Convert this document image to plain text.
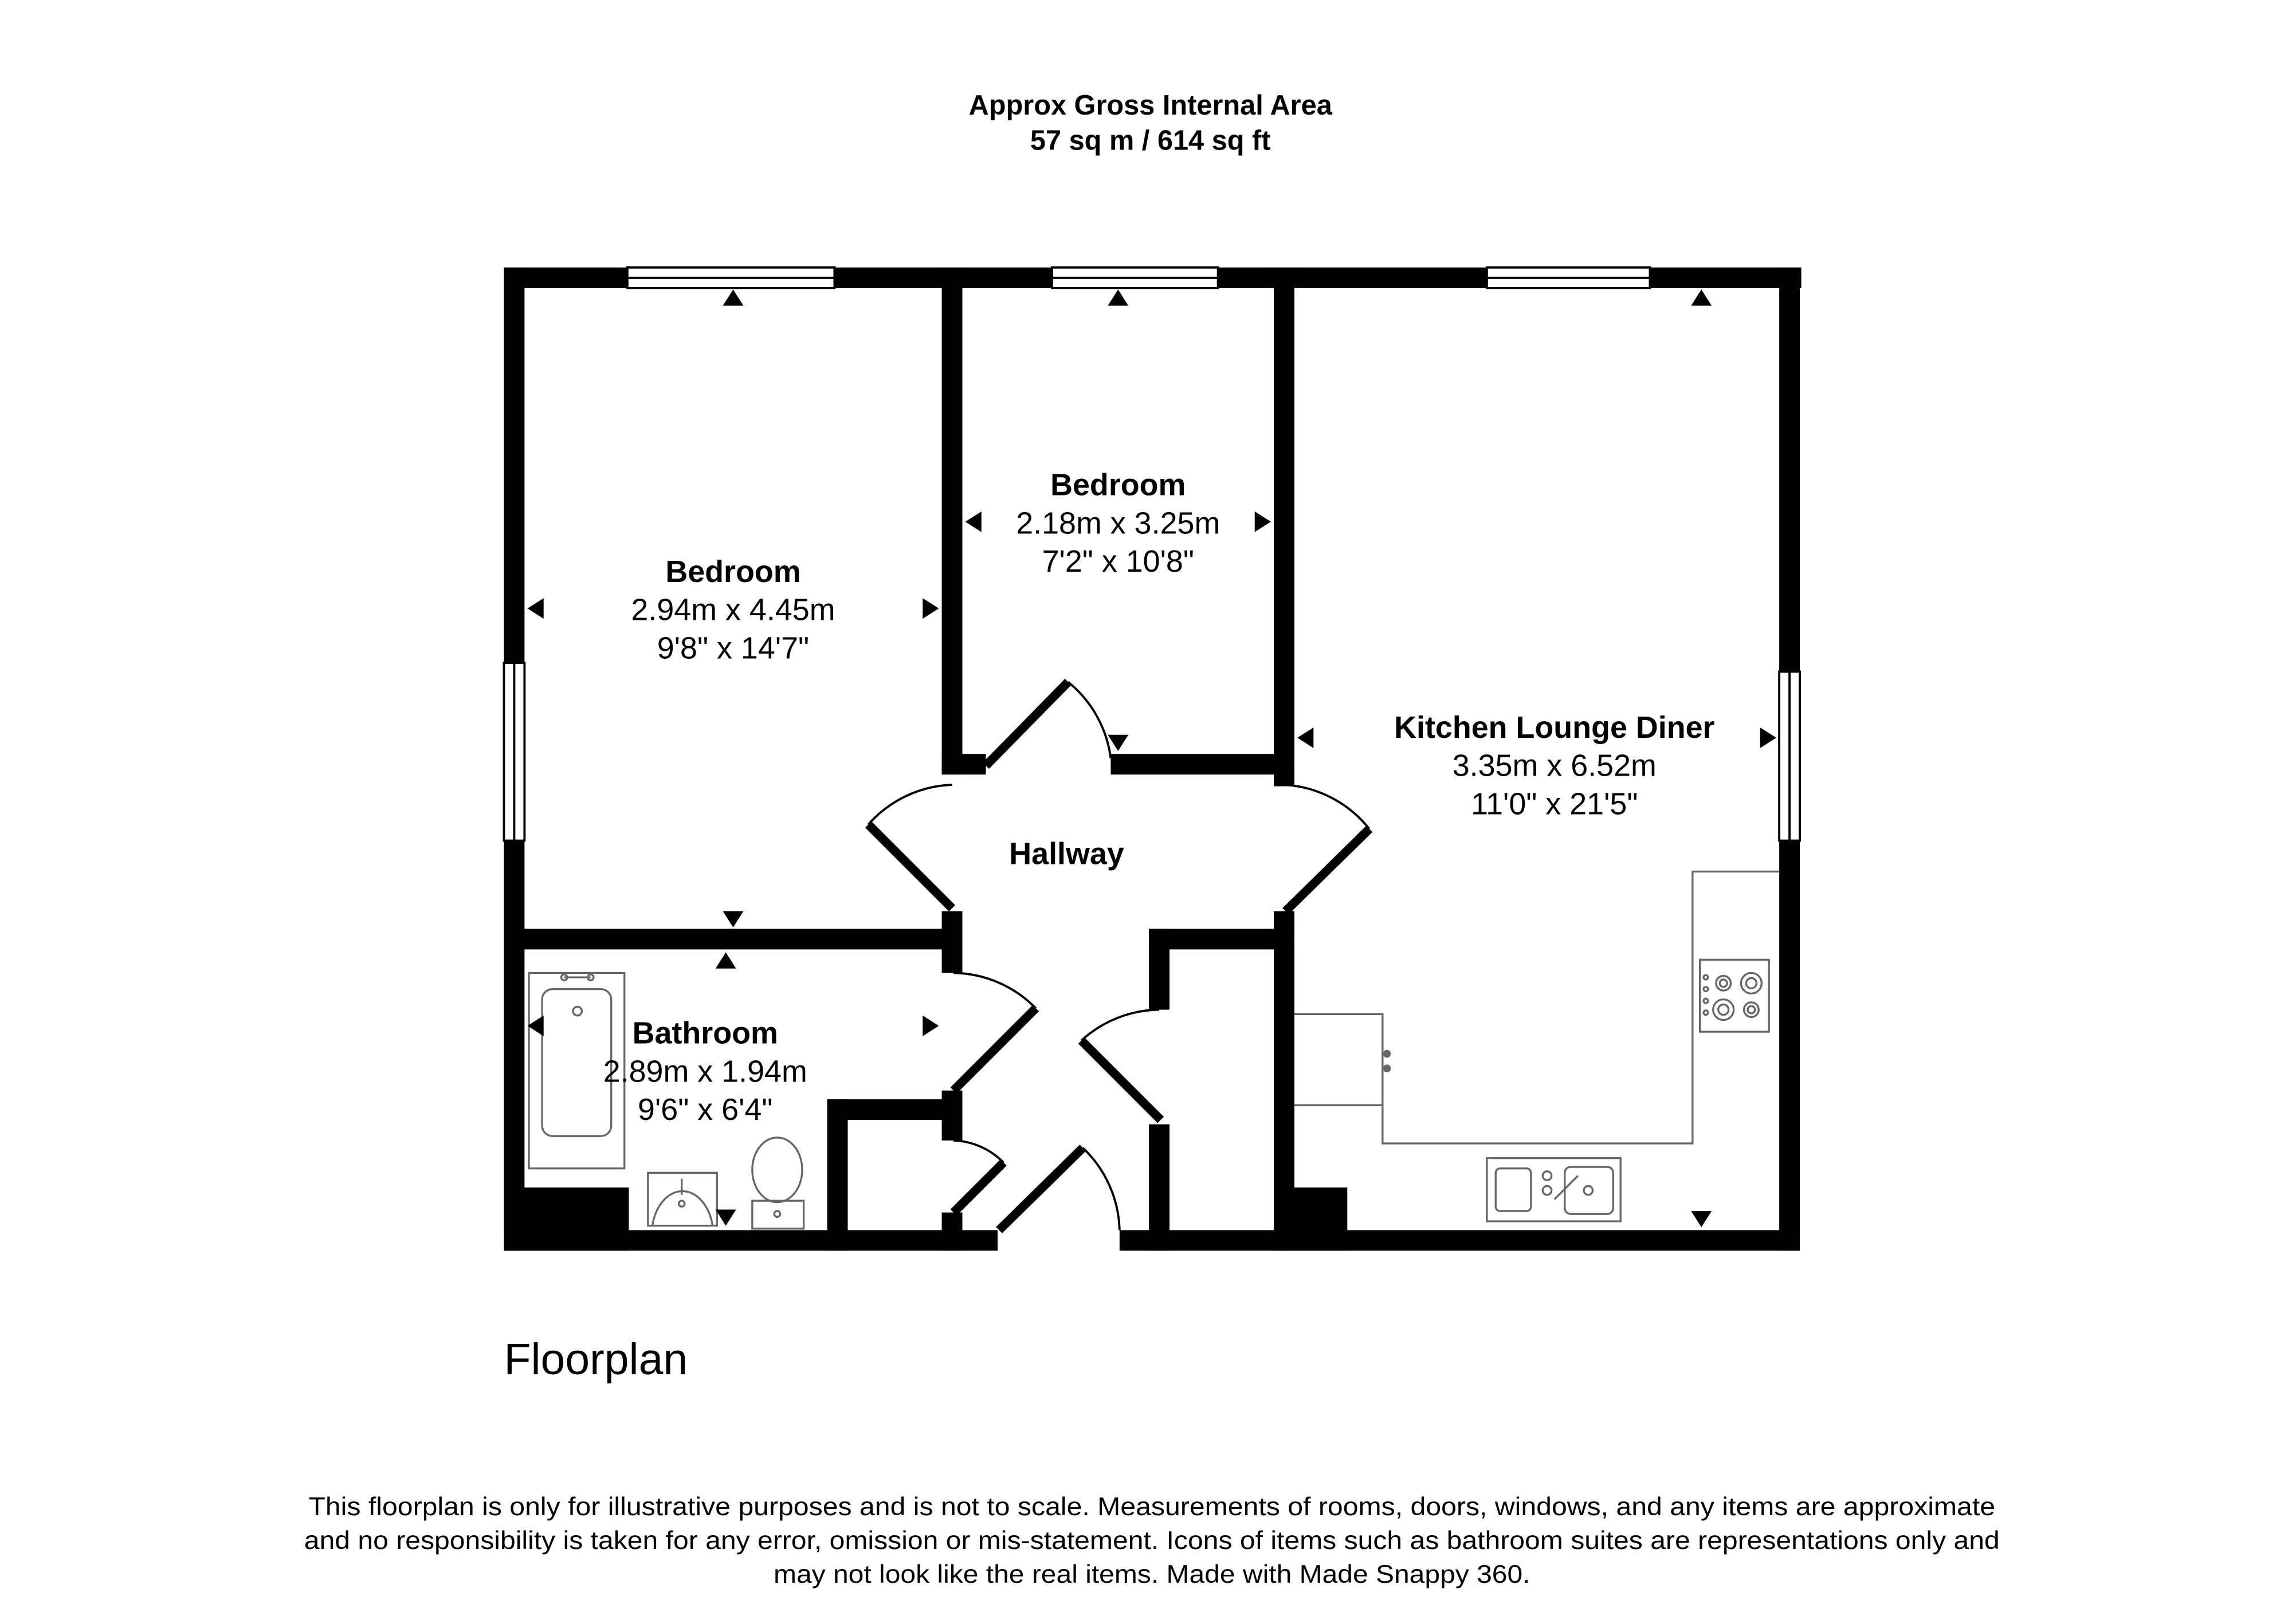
Approx Gross Internal Area
57 sq m / 614 sq ft
Bedroom
2.94m x 4.45m
9'8" x 14'7"
Bedroom
2.18m x 3.25m
7'2" x 10'8"
Kitchen Lounge Diner
3.35m x 6.52m
11'0" x 21'5"
Hallway
Bathroom
2.89m x 1.94m
9'6" x 6'4"
Floorplan
This floorplan is only for illustrative purposes and is not to scale. Measurements of rooms, doors, windows, and any items are approximate
and no responsibility is taken for any error, omission or mis-statement. Icons of items such as bathroom suites are representations only and
may not look like the real items. Made with Made Snappy 360.
